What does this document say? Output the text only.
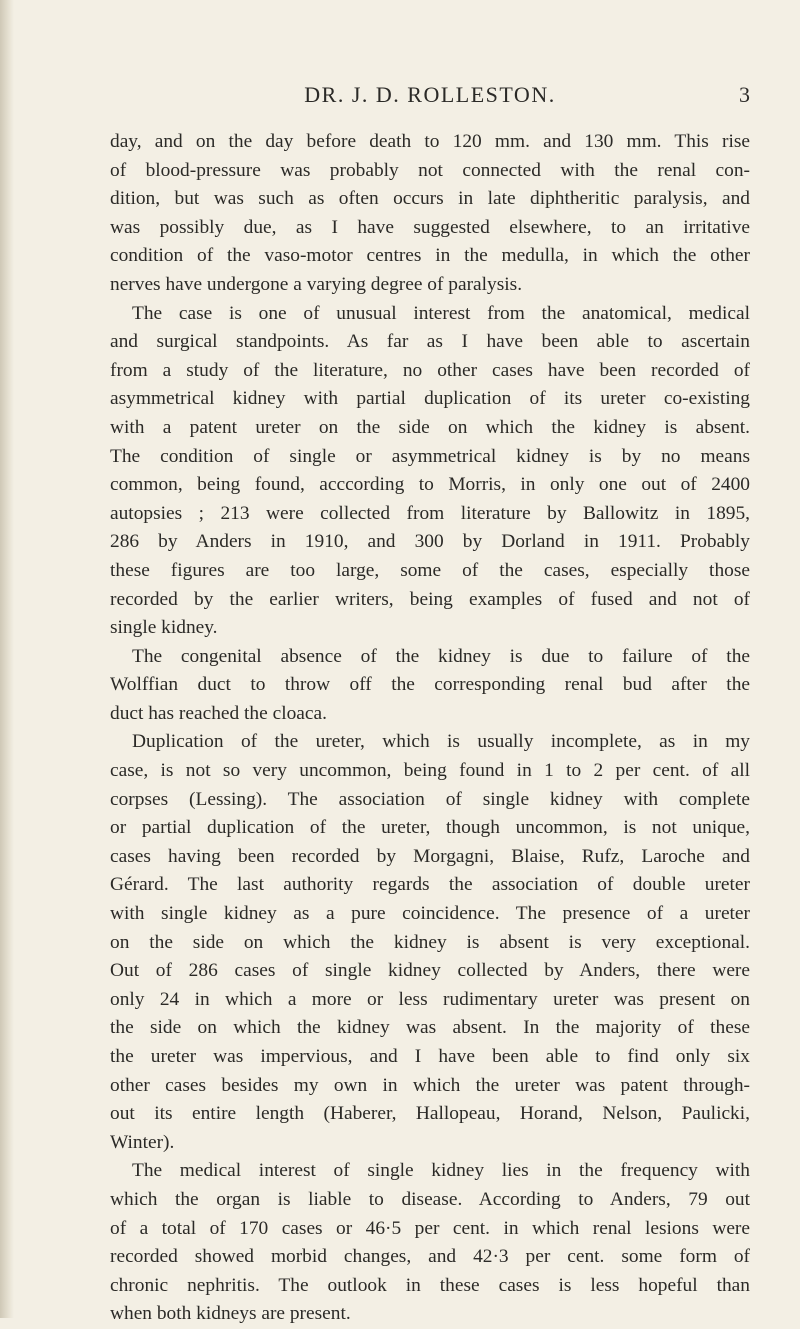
DR. J. D. ROLLESTON.	3
day, and on the day before death to 120 mm. and 130 mm. This rise
of blood-pressure was probably not connected with the renal con-
dition, but was such as often occurs in late diphtheritic paralysis, and
was possibly due, as I have suggested elsewhere, to an irritative
condition of the vaso-motor centres in the medulla, in which the other
nerves have undergone a varying degree of paralysis.
The case is one of unusual interest from the anatomical, medical
and surgical standpoints. As far as I have been able to ascertain
from a study of the literature, no other cases have been recorded of
asymmetrical kidney with partial duplication of its ureter co-existing
with a patent ureter on the side on which the kidney is absent.
The condition of single or asymmetrical kidney is by no means
common, being found, acccording to Morris, in only one out of 2400
autopsies ; 213 were collected from literature by Ballowitz in 1895,
286 by Anders in 1910, and 300 by Dorland in 1911. Probably
these figures are too large, some of the cases, especially those
recorded by the earlier writers, being examples of fused and not of
single kidney.
The congenital absence of the kidney is due to failure of the
Wolffian duct to throw off the corresponding renal bud after the
duct has reached the cloaca.
Duplication of the ureter, which is usually incomplete, as in my
case, is not so very uncommon, being found in 1 to 2 per cent. of all
corpses (Lessing). The association of single kidney with complete
or partial duplication of the ureter, though uncommon, is not unique,
cases having been recorded by Morgagni, Blaise, Rufz, Laroche and
Gérard. The last authority regards the association of double ureter
with single kidney as a pure coincidence. The presence of a ureter
on the side on which the kidney is absent is very exceptional.
Out of 286 cases of single kidney collected by Anders, there were
only 24 in which a more or less rudimentary ureter was present on
the side on which the kidney was absent. In the majority of these
the ureter was impervious, and I have been able to find only six
other cases besides my own in which the ureter was patent through-
out its entire length (Haberer, Hallopeau, Horand, Nelson, Paulicki,
Winter).
The medical interest of single kidney lies in the frequency with
which the organ is liable to disease. According to Anders, 79 out
of a total of 170 cases or 46·5 per cent. in which renal lesions were
recorded showed morbid changes, and 42·3 per cent. some form of
chronic nephritis. The outlook in these cases is less hopeful than
when both kidneys are present.
